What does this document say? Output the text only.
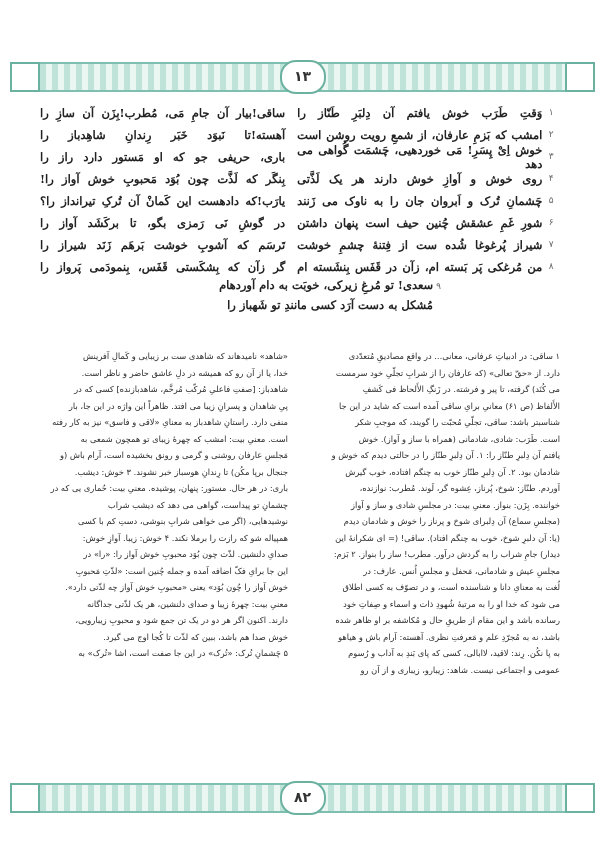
۱۳
۱
وَقتِ طَرَب خوش یافتم آن دِلبَرِ طَنّاز را
ساقی!بیار آن جامِ مَی، مُطرب!بِزَن آن سازِ را
۲
امشب که بَزمِ عارفان، از شمعِ رویت روشن است
آهسته!تا نَبوَد خَبَر رِندانِ شاهِدباز را
۳
خوش اِیْ پِسَرِ! مَی خوردهیی، چَشمَت گُواهی می دهد
باری، حریفی جو که او مَستور دارد راز را
۴
روی خوش و آوازِ خوش دارند هر یک لَذَّتی
بِنگَر که لَذَّت چون بُوَد مَحبوبِ خوش آواز را!
۵
چَشمانِ تُرک و اَبروان جان را به ناوک می زَنند
یارَب!که دادهست این کَمانْ آن تُرکِ تیرانداز را؟
۶
شورِ غَمِ عشقش چُنین حیف است پنهان داشتن
در گوشِ نَی رَمزی بگو، تا برکَشَد آواز را
۷
شیراز پُرغوغا شُده ست از فِتنهٔ چشمِ خوشت
تَرسَم که آشوبِ خوشت بَرهَم زَنَد شیراز را
۸
من مُرغکی پَر بَسته ام، زآن در قَفَس بِنشَسته ام
گر زآن که بِشکَستی قَفَس، بِنمودَمی پَرواز را
۹ سعدی! تو مُرغِ زیرکی، خوبَت به دام آوردهام
مُشکل به دست آرَد کسی مانندِ تو شَهباز را
۱ ساقی: در ادبیاتِ عرفانی، معانی... در واقع مصادیقِ مُتعدّدی
دارد. از «حقّ تعالی» (که عارفان را از شرابِ تجلّیِ خود سرمست
می کُنَد) گرفته، تا پیر و فرشته. در زَنگِ الأَلحاظ فی کَشفِ
الأَلفاظ (ص ۶۱) معانیِ برایِ ساقی آمده است که شاید در این جا
شناسبتر باشد: ساقی، تجلّیِ مُحبّت را گویند، که موجبِ شکر
است. طَرَب: شادی، شادمانی (همراه با ساز و آواز). خوش
یافتم آن دِلبرِ طنّاز را: ۱. آن دِلبرِ طنّاز را در حالتی دیدم که خوش و
شادمان بود. ۲. آن دِلبرِ طنّاز خوب به چنگم افتاده، خوب گیرش
آوردم. طنّاز: شوخ، پُرناز، عِشوه گر، لَوند. مُطرب: نوازنده،
خواننده. بِزَن: بنواز. معنیِ بیت: در مجلسِ شادی و ساز و آواز
(مجلسِ سماع) آن دِلبرای شوخ و پرناز را خوش و شادمان دیدم
(یا: آن دلبرِ شوخ، خوب به چنگم افتاد). ساقی! (= ای شکرانهٔ این
دیدار) جامِ شراب را به گردش درآور. مطرب! ساز را بنواز. ۲ بَزم:
مجلسِ عیش و شادمانی، مَحفل و مجلسِ اُنس. عارف: در
لُغت به معنایِ دانا و شناسنده است، و در تصوّف به کسی اطلاق
می شود که خدا او را به مرتبهٔ شُهودِ ذات و اسماء و صِفاتِ خود
رسانده باشد و این مقام از طریقِ حال و مُکاشفه بر او ظاهر شده
باشد، نه به مُجرّدِ علم و مَعرفتِ نظری. آهسته: آرام باش و هیاهو
به پا نکُن. رِند: لاقید، لاابالی، کسی که پای بَندِ به آداب و رُسوم
عمومی و اجتماعی نیست. شاهد: زیبارو، زیباری و از آن رو
«شاهد» نامیدهاند که شاهدی ست بر زیبایی و کَمالِ آفرینش
خدا، یا از آن رو که همیشه در دلِ عاشق حاضر و ناظر است.
شاهدباز: [صفتِ فاعلیِ مُرکّب مُرخَّم، شاهدبازنده] کسی که در
پیِ شاهدان و پسرانِ زیبا می افتد. ظاهراً این واژه در این جا، بار
منفی دارد. راستانِ شاهدباز به معنایِ «لاقی و فاسق» نیز به کار رفته
است. معنیِ بیت: امشب که چهرهٔ زیبای تو همچون شمعی به
مَجلسِ عارفان روشنی و گرمی و رونق بخشیده است، آرام باش (و
جنجال برپا مکُن) تا رِندانِ هوسباز خبر نشوند. ۳ خوش: دیشب.
باری: در هر حال. مستور: پنهان، پوشیده. معنیِ بیت: حُماری یی که در
چشمانِ تو پیداست، گواهی می دهد که دیشب شراب
نوشیدهایی، (اگر می خواهی شرابِ بنوشی، دستِ کم با کسی
همپیاله شو که رازت را برملا نکند. ۴ خوش: زیبا. آوازِ خوش:
صدایِ دلنشین. لذّت چون بُوَد محبوبِ خوش آواز را: «را» در
این جا برایِ فکّ اضافه آمده و جمله چُنین است: «لذّتِ مَحبوبِ
خوش آواز را چُون بُوَد» یعنی «محبوبِ خوش آواز چه لذّتی دارد».
معنیِ بیت: چهرهٔ زیبا و صدای دلنشین، هر یک لذّتی جداگانه
دارند. اکنون اگر هر دو در یک تن جمع شود و محبوبِ زیبارویی،
خوش صدا هم باشد، ببین که لذّت تا کُجا اوج می گیرد.
۵ چَشمانِ تُرک: «تُرک» در این جا صفت است، اشا «تُرک» به
۸۲
